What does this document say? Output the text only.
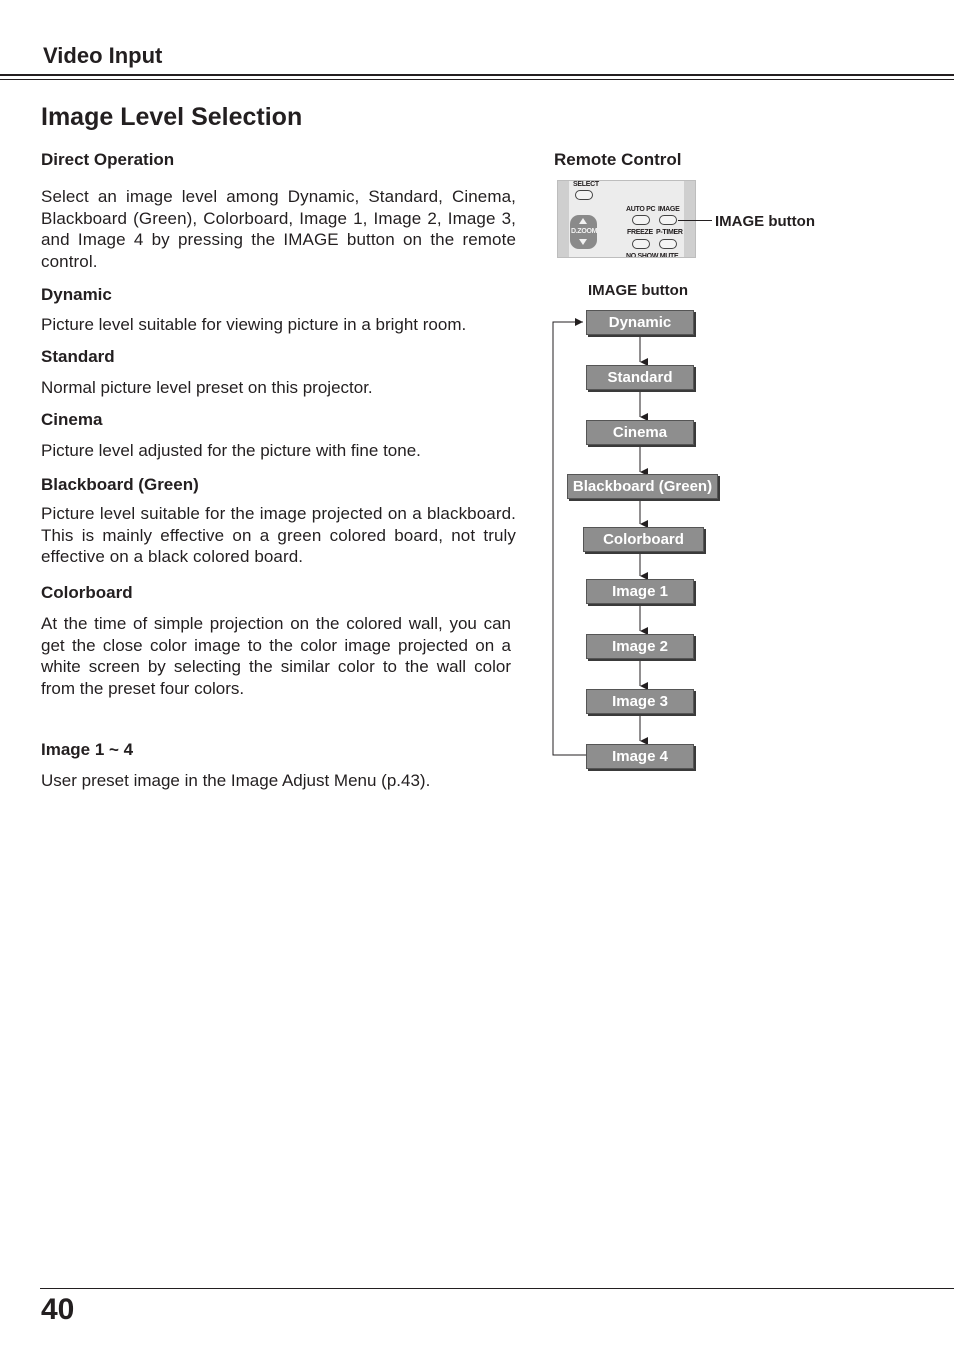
Video Input
Image Level Selection
Direct Operation
Select an image level among Dynamic, Standard, Cinema, Blackboard (Green), Colorboard, Image 1, Image 2, Image 3, and Image 4 by pressing the IMAGE button on the remote control.
Dynamic
Picture level suitable for viewing picture in a bright room.
Standard
Normal picture level preset on this projector.
Cinema
Picture level adjusted for the picture with fine tone.
Blackboard (Green)
Picture level suitable for the image projected on a blackboard. This is mainly effective on a green colored board, not truly effective on a black colored board.
Colorboard
At the time of simple projection on the colored wall, you can get the close color image to the color image projected on a white screen by selecting the similar color to the wall color from the preset four colors.
Image 1 ~ 4
User preset image in the Image Adjust Menu (p.43).
Remote Control
SELECT
AUTO PC IMAGE
D.ZOOM	FREEZE P-TIMER
NO SHOW MUTE
IMAGE button
IMAGE button
Dynamic
Standard
Cinema
Blackboard (Green)
Colorboard
Image 1
Image 2
Image 3
Image 4
40
